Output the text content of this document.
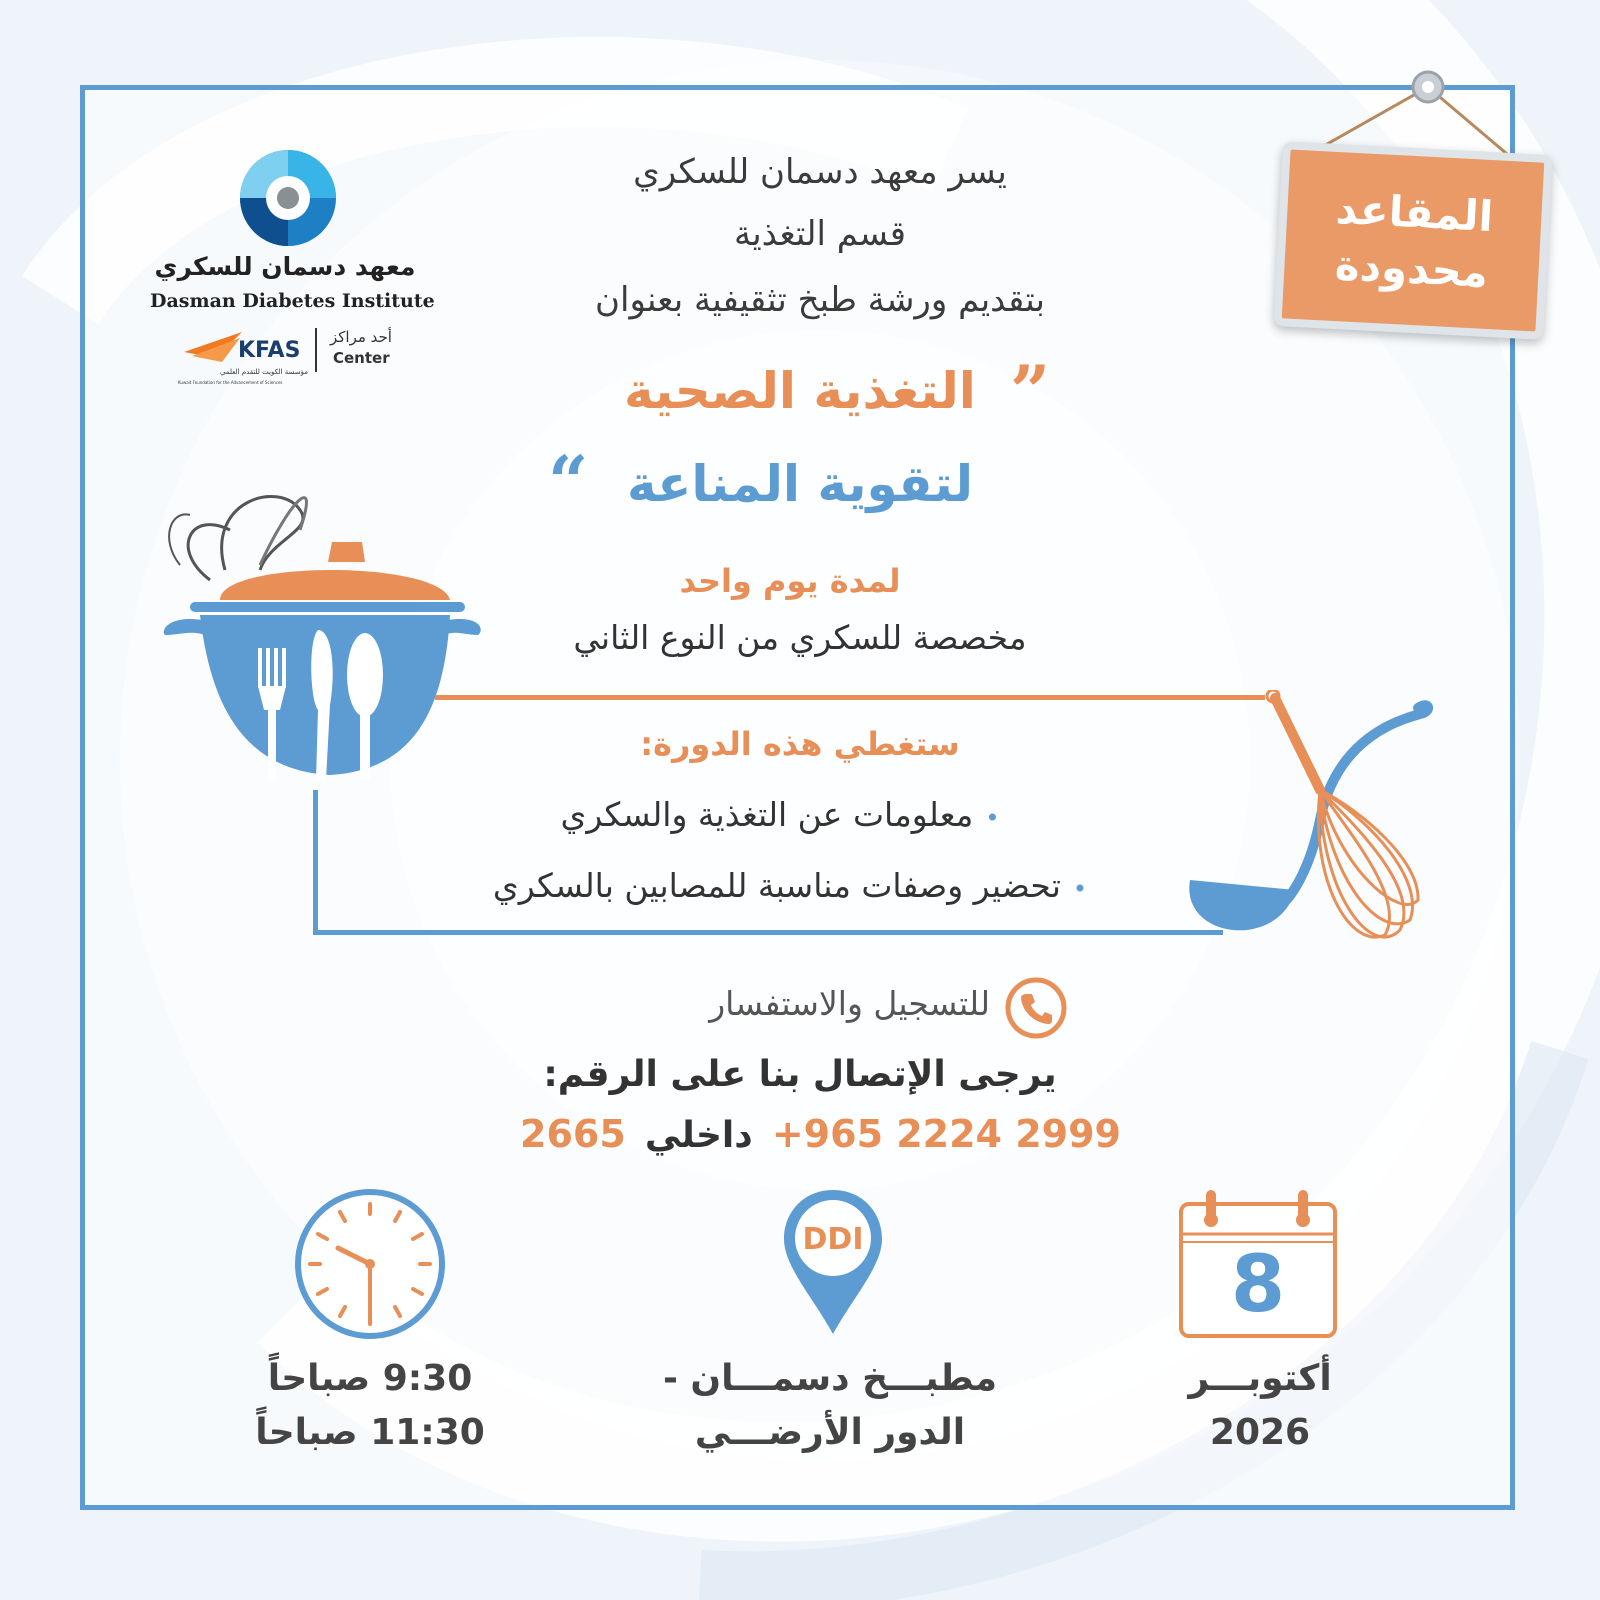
المقاعد
محدودة
معهد دسمان للسكري
Dasman Diabetes Institute
KFAS
مؤسسة الكويت للتقدم العلمي
Kuwait Foundation for the Advancement of Sciences
أحد مراكز
Center
يسر معهد دسمان للسكري
قسم التغذية
بتقديم ورشة طبخ تثقيفية بعنوان
”
التغذية الصحية
لتقوية المناعة
“
لمدة يوم واحد
مخصصة للسكري من النوع الثاني
ستغطي هذه الدورة:
•معلومات عن التغذية والسكري
•تحضير وصفات مناسبة للمصابين بالسكري
للتسجيل والاستفسار
يرجى الإتصال بنا على الرقم:
2665 داخلي +965 2224 2999
8
أكتوبـــر
2026
DDI
مطبـــخ دسمـــان -
الدور الأرضـــي
9:30 صباحاً
11:30 صباحاً
